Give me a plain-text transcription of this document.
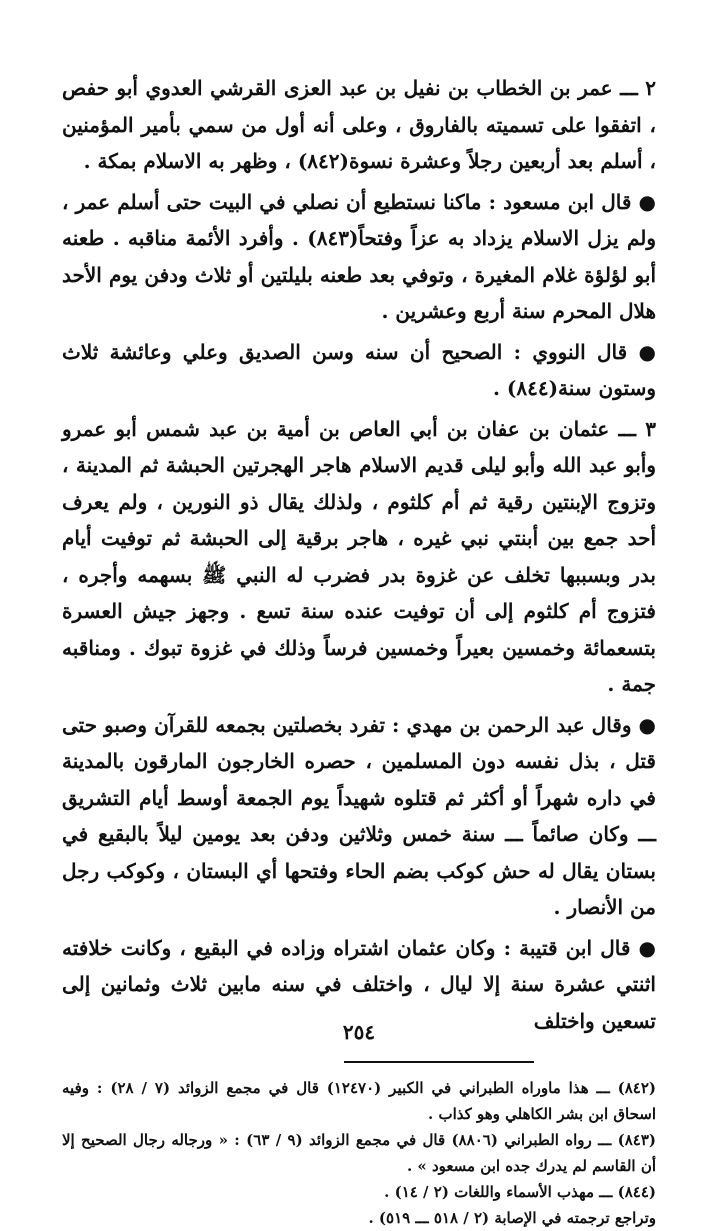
٢ ـــ عمر بن الخطاب بن نفيل بن عبد العزى القرشي العدوي أبو حفص ، اتفقوا على تسميته بالفاروق ، وعلى أنه أول من سمي بأمير المؤمنين ، أسلم بعد أربعين رجلاً وعشرة نسوة(٨٤٢) ، وظهر به الاسلام بمكة .

● قال ابن مسعود : ماكنا نستطيع أن نصلي في البيت حتى أسلم عمر ، ولم يزل الاسلام يزداد به عزاً وفتحاً(٨٤٣) . وأفرد الأئمة مناقبه . طعنه أبو لؤلؤة غلام المغيرة ، وتوفي بعد طعنه بليلتين أو ثلاث ودفن يوم الأحد هلال المحرم سنة أربع وعشرين .

● قال النووي : الصحيح أن سنه وسن الصديق وعلي وعائشة ثلاث وستون سنة(٨٤٤) .

٣ ـــ عثمان بن عفان بن أبي العاص بن أمية بن عبد شمس أبو عمرو وأبو عبد الله وأبو ليلى قديم الاسلام هاجر الهجرتين الحبشة ثم المدينة ، وتزوج الإبنتين رقية ثم أم كلثوم ، ولذلك يقال ذو النورين ، ولم يعرف أحد جمع بين أبنتي نبي غيره ، هاجر برقية إلى الحبشة ثم توفيت أيام بدر وبسببها تخلف عن غزوة بدر فضرب له النبي ﷺ بسهمه وأجره ، فتزوج أم كلثوم إلى أن توفيت عنده سنة تسع . وجهز جيش العسرة بتسعمائة وخمسين بعيراً وخمسين فرساً وذلك في غزوة تبوك . ومناقبه جمة .

● وقال عبد الرحمن بن مهدي : تفرد بخصلتين بجمعه للقرآن وصبو حتى قتل ، بذل نفسه دون المسلمين ، حصره الخارجون المارقون بالمدينة في داره شهراً أو أكثر ثم قتلوه شهيداً يوم الجمعة أوسط أيام التشريق ـــ وكان صائماً ـــ سنة خمس وثلاثين ودفن بعد يومين ليلاً بالبقيع في بستان يقال له حش كوكب بضم الحاء وفتحها أي البستان ، وكوكب رجل من الأنصار .

● قال ابن قتيبة : وكان عثمان اشتراه وزاده في البقيع ، وكانت خلافته اثنتي عشرة سنة إلا ليال ، واختلف في سنه مابين ثلاث وثمانين إلى تسعين واختلف

(٨٤٢) ـــ هذا ماوراه الطبراني في الكبير (١٢٤٧٠) قال في مجمع الزوائد (٧ / ٢٨) : وفيه اسحاق ابن بشر الكاهلي وهو كذاب .

(٨٤٣) ـــ رواه الطبراني (٨٨٠٦) قال في مجمع الزوائد (٩ / ٦٣) : « ورجاله رجال الصحيح إلا أن القاسم لم يدرك جده ابن مسعود » .

(٨٤٤) ـــ مهذب الأسماء واللغات (٢ / ١٤) .

وتراجع ترجمته في الإصابة (٢ / ٥١٨ ـــ ٥١٩) .

٢٥٤
